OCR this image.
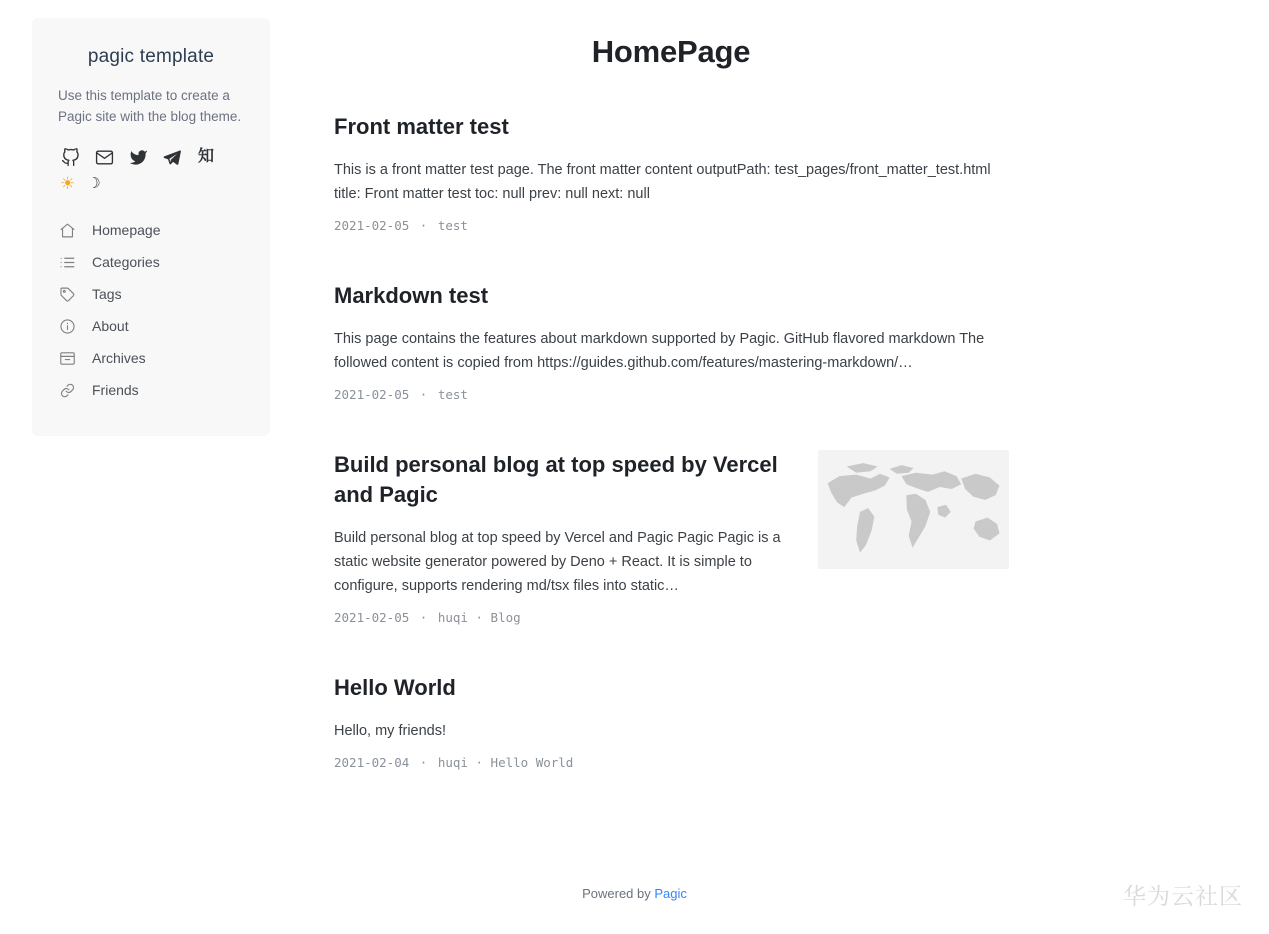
pagic template

Use this template to create a Pagic site with the blog theme.

知
☀ ☽
Homepage
Categories
Tags
About
Archives
Friends
HomePage
Front matter test

This is a front matter test page. The front matter content outputPath: test_pages/front_matter_test.html title: Front matter test toc: null prev: null next: null

2021-02-05 · test
Markdown test

This page contains the features about markdown supported by Pagic. GitHub flavored markdown The followed content is copied from https://guides.github.com/features/mastering-markdown/…

2021-02-05 · test
Build personal blog at top speed by Vercel and Pagic

Build personal blog at top speed by Vercel and Pagic Pagic Pagic is a static website generator powered by Deno + React. It is simple to configure, supports rendering md/tsx files into static…

2021-02-05 · huqi · Blog
Hello World

Hello, my friends!

2021-02-04 · huqi · Hello World
Powered by Pagic	华为云社区
